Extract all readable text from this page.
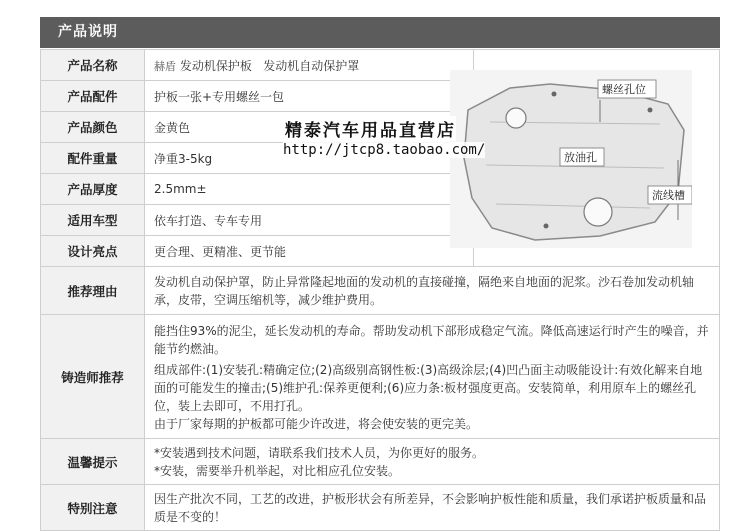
产品说明
产品名称	赫盾 发动机保护板   发动机自动保护罩	
产品配件	护板一张+专用螺丝一包	
产品颜色	金黄色	
配件重量	净重3-5kg	
产品厚度	2.5mm±	
适用车型	依车打造、专车专用	
设计亮点	更合理、更精准、更节能	
推荐理由	发动机自动保护罩，防止异常隆起地面的发动机的直接碰撞，隔绝来自地面的泥浆。沙石卷加发动机轴承，皮带，空调压缩机等，减少维护费用。	
铸造师推荐	能挡住93%的泥尘，延长发动机的寿命。帮助发动机下部形成稳定气流。降低高速运行时产生的噪音，并能节约燃油。

组成部件:(1)安装孔:精确定位;(2)高级别高钢性板:(3)高级涂层;(4)凹凸面主动吸能设计:有效化解来自地面的可能发生的撞击;(5)维护孔:保养更便利;(6)应力条:板材强度更高。安装简单，利用原车上的螺丝孔位，装上去即可，不用打孔。

由于厂家每期的护板都可能少许改进，将会使安装的更完美。	

温馨提示	*安装遇到技术问题，请联系我们技术人员，为你更好的服务。

*安装，需要举升机举起，对比相应孔位安装。	

特别注意	因生产批次不同，工艺的改进，护板形状会有所差异，不会影响护板性能和质量，我们承诺护板质量和品质是不变的！	
螺丝孔位
放油孔
流线槽
精泰汽车用品直营店
http://jtcp8.taobao.com/
